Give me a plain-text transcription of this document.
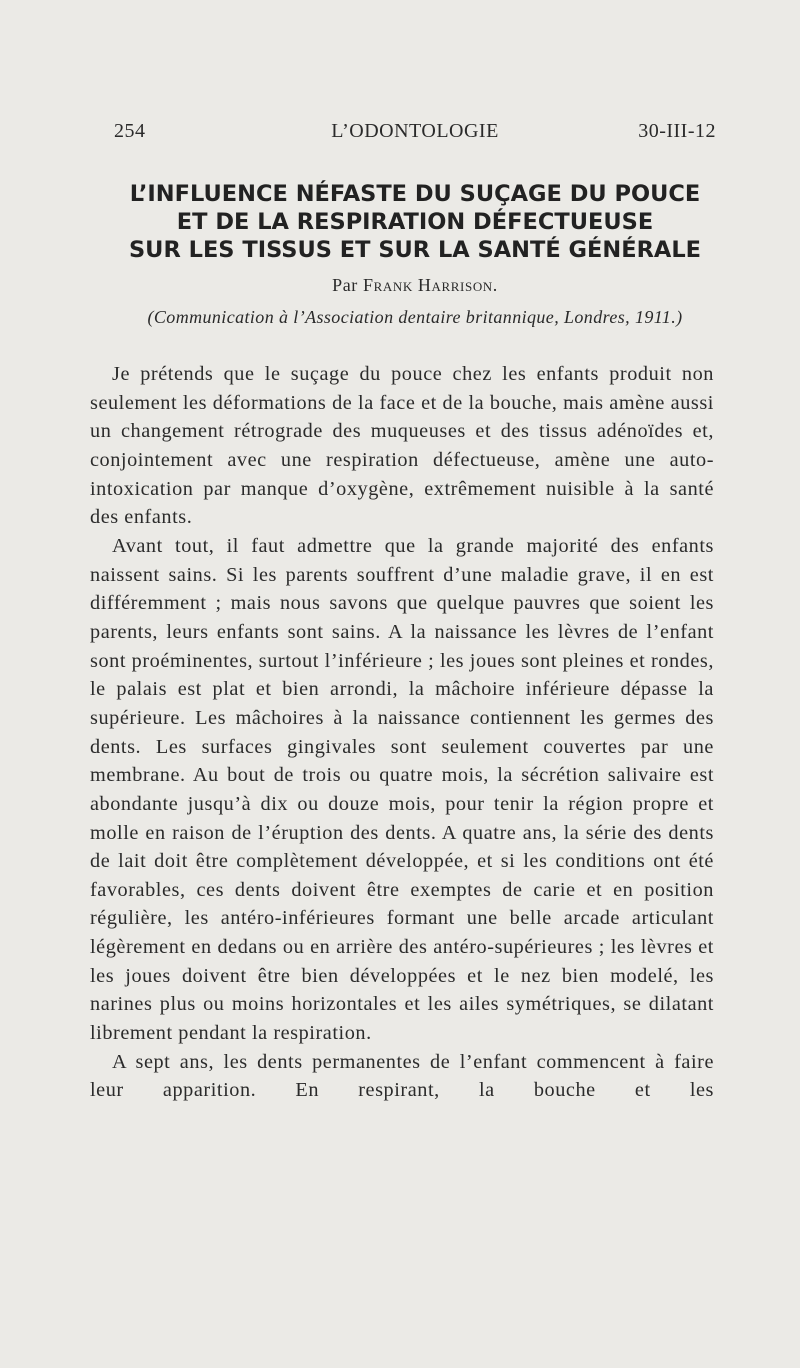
254	L’ODONTOLOGIE	30-III-12
L’INFLUENCE NÉFASTE DU SUÇAGE DU POUCE
ET DE LA RESPIRATION DÉFECTUEUSE
SUR LES TISSUS ET SUR LA SANTÉ GÉNÉRALE
Par Frank Harrison.
(Communication à l’Association dentaire britannique, Londres, 1911.)

Je prétends que le suçage du pouce chez les enfants produit non seulement les déformations de la face et de la bouche, mais amène aussi un changement rétrograde des muqueuses et des tissus adénoïdes et, conjointement avec une respiration défectueuse, amène une auto-intoxication par manque d’oxygène, extrêmement nuisible à la santé des enfants.

Avant tout, il faut admettre que la grande majorité des enfants naissent sains. Si les parents souffrent d’une maladie grave, il en est différemment ; mais nous savons que quelque pauvres que soient les parents, leurs enfants sont sains. A la naissance les lèvres de l’enfant sont proéminentes, surtout l’inférieure ; les joues sont pleines et rondes, le palais est plat et bien arrondi, la mâchoire inférieure dépasse la supérieure. Les mâchoires à la naissance contiennent les germes des dents. Les surfaces gingivales sont seulement couvertes par une membrane. Au bout de trois ou quatre mois, la sécrétion salivaire est abondante jusqu’à dix ou douze mois, pour tenir la région propre et molle en raison de l’éruption des dents. A quatre ans, la série des dents de lait doit être complètement développée, et si les conditions ont été favorables, ces dents doivent être exemptes de carie et en position régulière, les antéro-inférieures formant une belle arcade articulant légèrement en dedans ou en arrière des antéro-supérieures ; les lèvres et les joues doivent être bien développées et le nez bien modelé, les narines plus ou moins horizontales et les ailes symétriques, se dilatant librement pendant la respiration.

A sept ans, les dents permanentes de l’enfant commencent à faire leur apparition. En respirant, la bouche et les
